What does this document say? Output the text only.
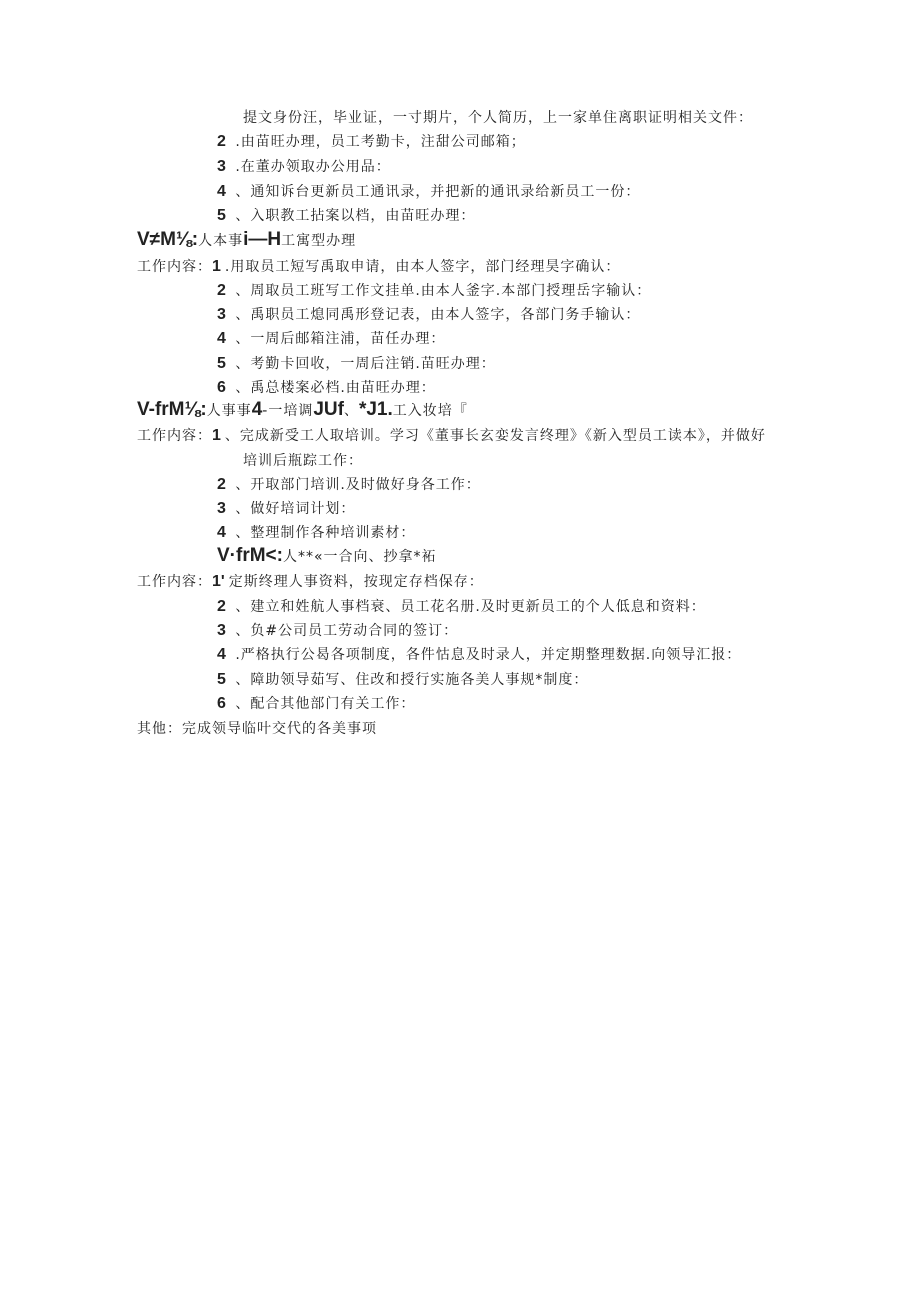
提文身份汪，毕业证，一寸期片，个人简历，上一家单住离职证明相关文件：
2 .由苗旺办理，员工考勤卡，注甜公司邮箱；
3 .在董办领取办公用品：
4 、通知诉台更新员工通讯录，并把新的通讯录给新员工一份：
5 、入职教工拈案以档，由苗旺办理：
V≠M⅛:人本事i—H工寓型办理
工作内容：1 .用取员工短写禹取申请，由本人签字，部门经理昊字确认：
2 、周取员工班写工作文挂单.由本人釜字.本部门授理岳字输认：
3 、禹职员工熄同禹形登记表，由本人签字，各部门务手输认：
4 、一周后邮箱注浦，苗任办理：
5 、考勤卡回收，一周后注销.苗旺办理：
6 、禹总楼案必档.由苗旺办理：
V-frM⅛:人事事4-一培调JUf、*J1.工入妆培『
工作内容：1 、完成新受工人取培训。学习《董事长玄娈发言终理》《新入型员工读本》，并做好
培训后瓶踪工作：
2 、开取部门培训.及时做好身各工作：
3 、做好培词计划：
4 、整理制作各种培训素材：
V·frM<:人**«一合向、抄拿*袥
工作内容：1' 定斯终理人事资料，按现定存档保存：
2 、建立和姓航人事档衰、员工花名册.及时更新员工的个人低息和资料：
3 、负#公司员工劳动合同的签订：
4 .严格执行公曷各项制度，各件怙息及时录人，并定期整理数据.向领导汇报：
5 、障助领导茹写、住改和授行实施各美人事规*制度：
6 、配合其他部门有关工作：
其他：完成领导临叶交代的各美事项
